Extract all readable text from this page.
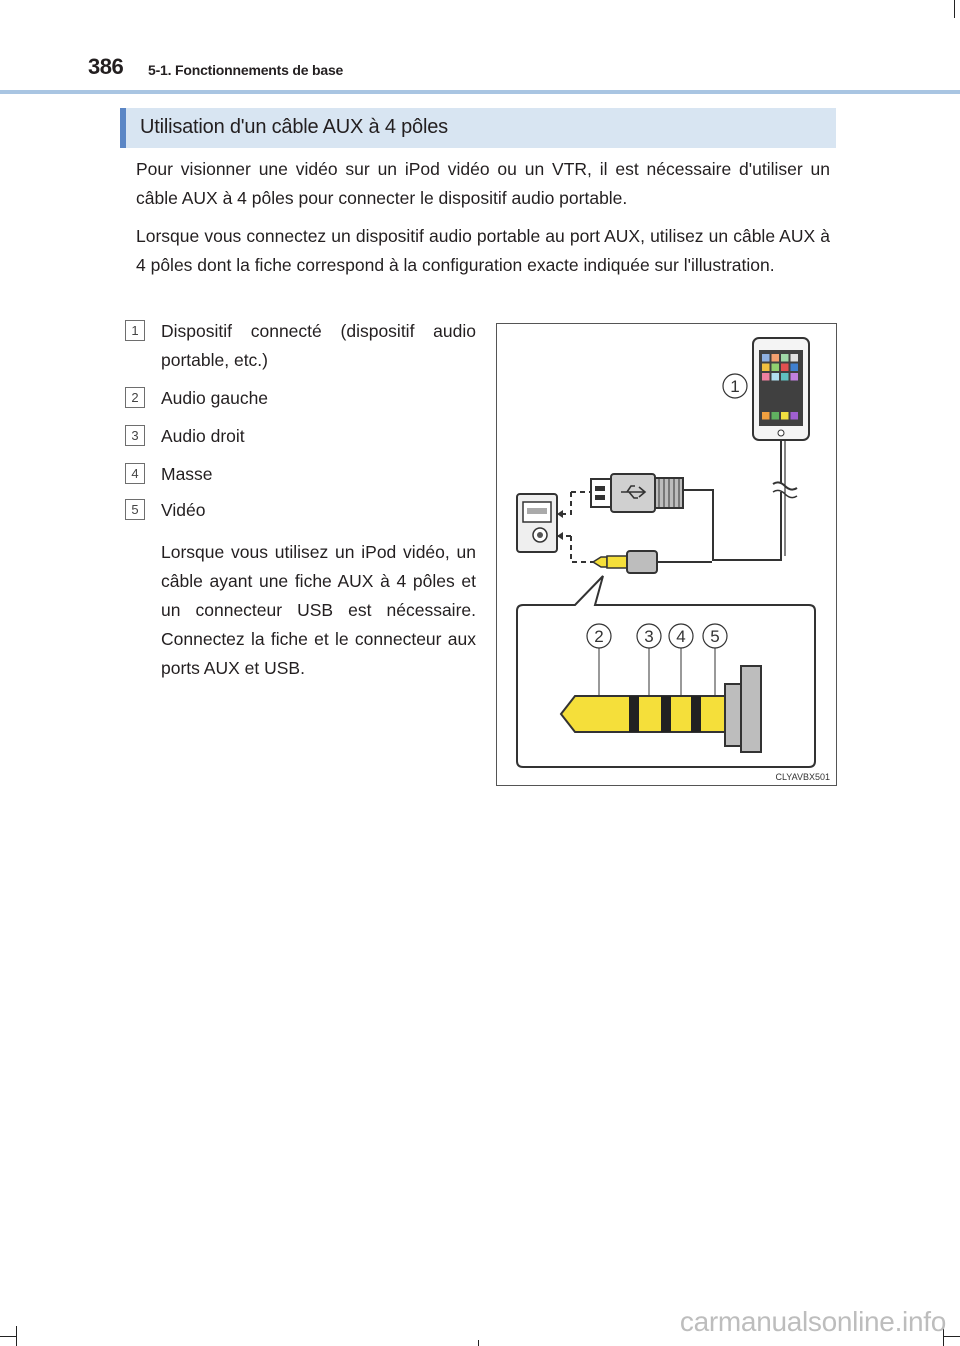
386 5-1. Fonctionnements de base
Utilisation d'un câble AUX à 4 pôles

Pour visionner une vidéo sur un iPod vidéo ou un VTR, il est nécessaire d'utiliser un câble AUX à 4 pôles pour connecter le dispositif audio portable.

Lorsque vous connectez un dispositif audio portable au port AUX, utilisez un câble AUX à 4 pôles dont la fiche correspond à la configuration exacte indiquée sur l'illustration.

1	Dispositif connecté (dispositif audio portable, etc.)
2	Audio gauche
3	Audio droit
4	Masse
5	Vidéo

Lorsque vous utilisez un iPod vidéo, un câble ayant une fiche AUX à 4 pôles et un connecteur USB est nécessaire. Connectez la fiche et le connecteur aux ports AUX et USB.

1
2 3 4 5
CLYAVBX501
carmanualsonline.info
